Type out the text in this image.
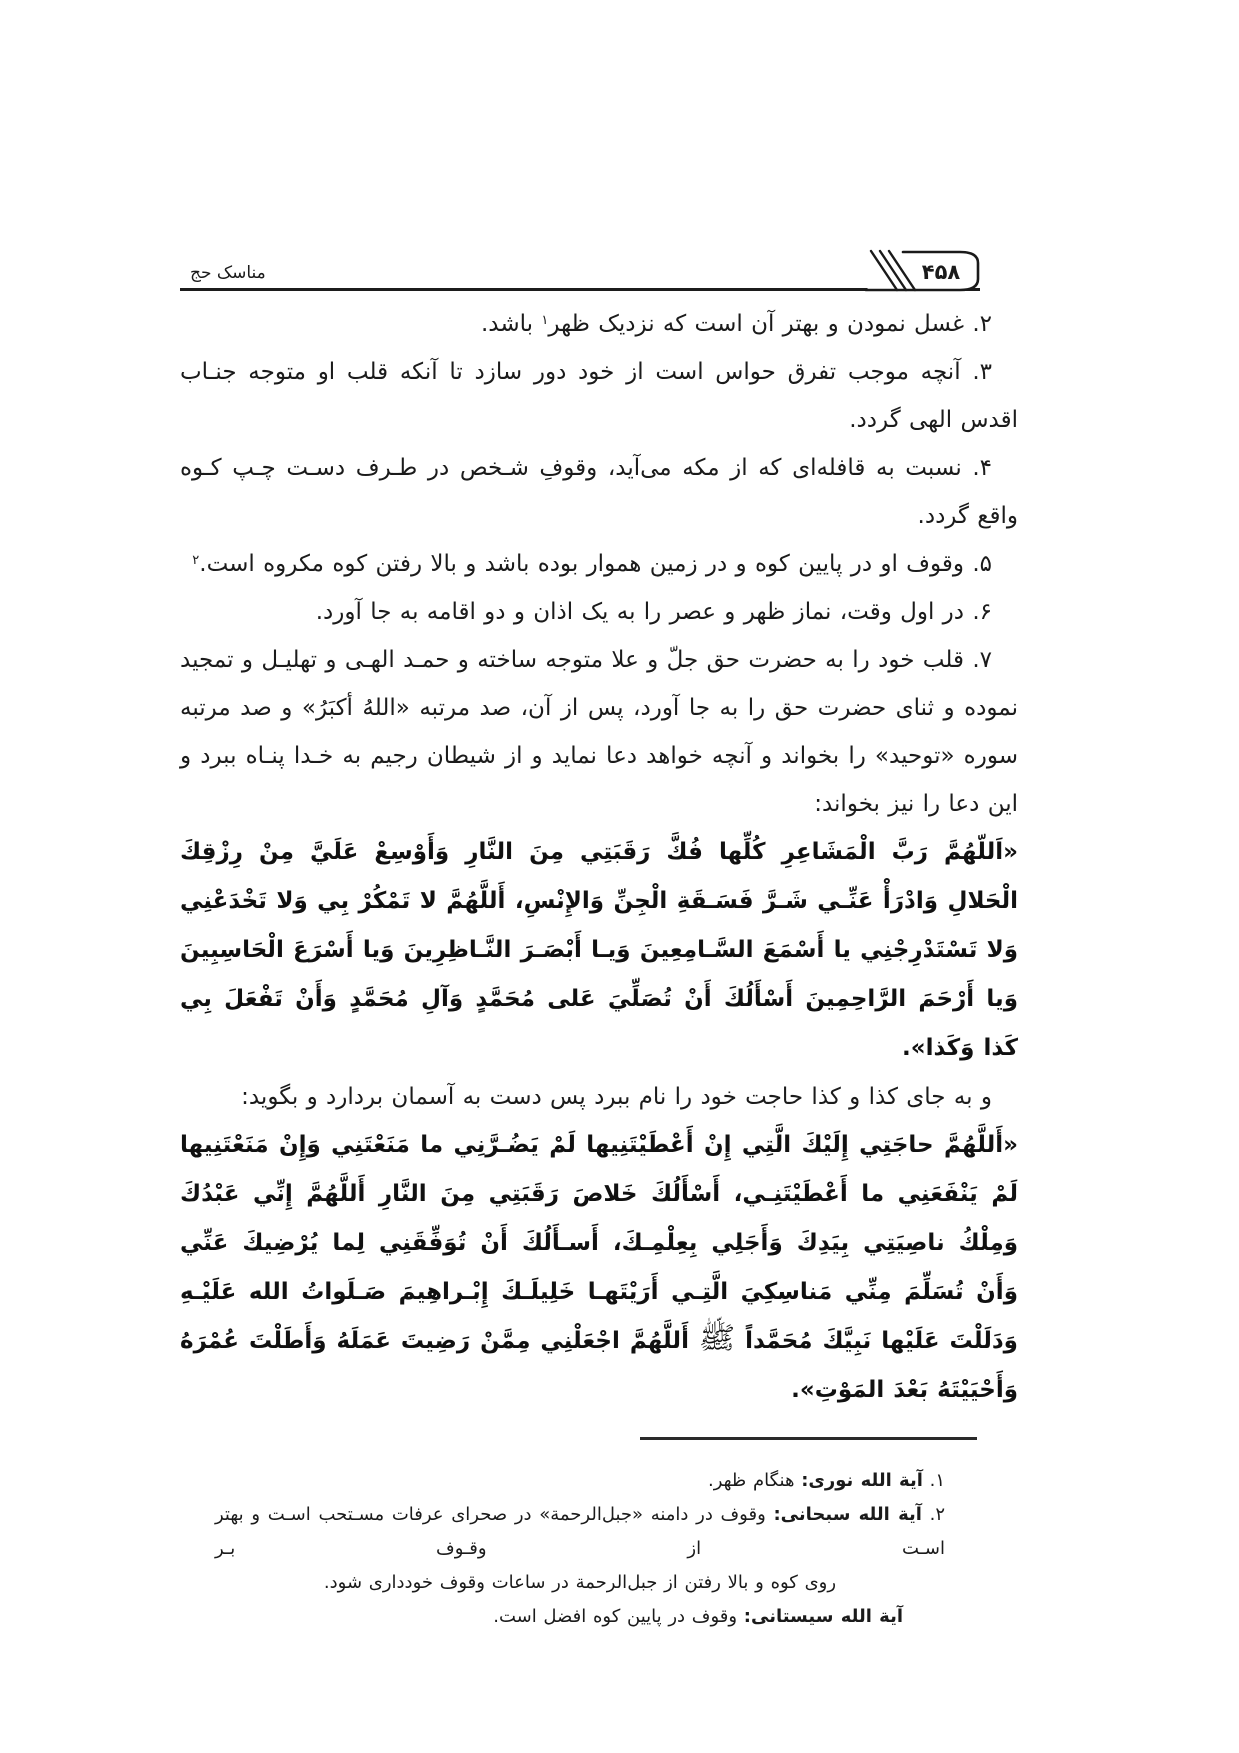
مناسک حج	۴۵۸

۲. غسل نمودن و بهتر آن است که نزدیک ظهر$^۱$ باشد.

۳. آنچه موجب تفرق حواس است از خود دور سازد تا آنکه قلب او متوجه جنـاب اقدس الهی گردد.

۴. نسبت به قافله‌ای که از مکه می‌آید، وقوفِ شـخص در طـرف دسـت چـپ کـوه واقع گردد.

۵. وقوف او در پایین کوه و در زمین هموار بوده باشد و بالا رفتن کوه مکروه است.$^۲$

۶. در اول وقت، نماز ظهر و عصر را به یک اذان و دو اقامه به جا آورد.

۷. قلب خود را به حضرت حق جلّ و علا متوجه ساخته و حمـد الهـی و تهلیـل و تمجید نموده و ثنای حضرت حق را به جا آورد، پس از آن، صد مرتبه «اللهُ أکبَرُ» و صد مرتبه سوره «توحید» را بخواند و آنچه خواهد دعا نماید و از شیطان رجیم به خـدا پنـاه ببرد و این دعا را نیز بخواند:

«اَللّهُمَّ رَبَّ الْمَشَاعِرِ كُلِّها فُكَّ رَقَبَتِي مِنَ النَّارِ وَأَوْسِعْ عَلَيَّ مِنْ رِزْقِكَ الْحَلالِ وَادْرَأْ عَنِّـي شَـرَّ فَسَـقَةِ الْجِنِّ وَالإِنْسِ، أَللَّهُمَّ لا تَمْكُرْ بِي وَلا تَخْدَعْنِي وَلا تَسْتَدْرِجْنِي يا أَسْمَعَ السَّـامِعِينَ وَيـا أَبْصَـرَ النَّـاظِرِينَ وَيا أَسْرَعَ الْحَاسِبِينَ وَيا أَرْحَمَ الرَّاحِمِينَ أَسْأَلُكَ أَنْ تُصَلِّيَ عَلى مُحَمَّدٍ وَآلِ مُحَمَّدٍ وَأَنْ تَفْعَلَ بِي كَذا وَكَذا».

و به جای کذا و کذا حاجت خود را نام ببرد پس دست به آسمان بردارد و بگوید:

«أَللَّهُمَّ حاجَتِي إِلَيْكَ الَّتِي إِنْ أَعْطَيْتَنِيها لَمْ يَضُـرَّنِي ما مَنَعْتَنِي وَإِنْ مَنَعْتَنِيها لَمْ يَنْفَعَنِي ما أَعْطَيْتَنِـي، أَسْأَلُكَ خَلاصَ رَقَبَتِي مِنَ النَّارِ أَللَّهُمَّ إِنِّي عَبْدُكَ وَمِلْكُ ناصِيَتِي بِيَدِكَ وَأَجَلِي بِعِلْمِـكَ، أَسـأَلُكَ أَنْ تُوَفِّقَنِي لِما يُرْضِيكَ عَنِّي وَأَنْ تُسَلِّمَ مِنِّي مَناسِكِيَ الَّتِـي أَرَيْتَهـا خَلِيلَـكَ إِبْـراهِيمَ صَـلَواتُ الله عَلَيْـهِ وَدَلَلْتَ عَلَيْها نَبِيَّكَ مُحَمَّداً ﷺ أَللَّهُمَّ اجْعَلْنِي مِمَّنْ رَضِيتَ عَمَلَهُ وَأَطَلْتَ عُمْرَهُ وَأَحْيَيْتَهُ بَعْدَ المَوْتِ».

۱. آیة الله نوری: هنگام ظهر.

۲. آیة الله سبحانی: وقوف در دامنه «جبل‌الرحمة» در صحرای عرفات مسـتحب اسـت و بهتر اسـت از وقـوف بـر

روی کوه و بالا رفتن از جبل‌الرحمة در ساعات وقوف خودداری شود.

آیة الله سیستانی: وقوف در پایین کوه افضل است.
